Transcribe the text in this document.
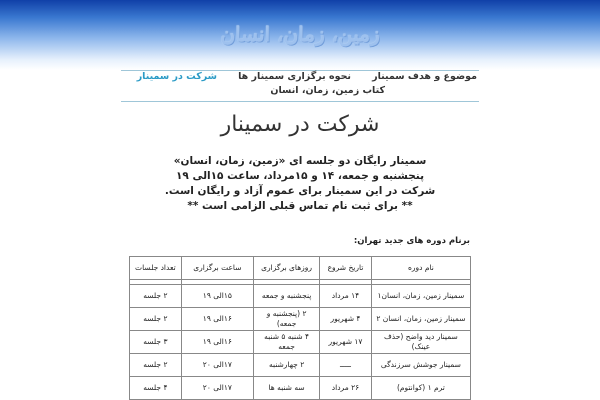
زمین، زمان، انسان
موضوع و هدف سمینار
نحوه برگزاری سمینار ها
شرکت در سمینار
کتاب زمین، زمان، انسان
شرکت در سمینار

سمینار رایگان دو جلسه ای «زمین، زمان، انسان»

پنجشنبه و جمعه، ۱۴ و ۱۵مرداد، ساعت ۱۵الی ۱۹

شرکت در این سمینار برای عموم آزاد و رایگان است.

** برای ثبت نام تماس قبلی الزامی است **

برنام‌ دوره های جدید تهران:
نام دوره	تاریخ شروع	روزهای برگزاری	ساعت برگزاری	تعداد جلسات

سمینار زمین، زمان، انسان۱	۱۴ مرداد	پنجشنبه و جمعه	۱۵الی ۱۹	۲ جلسه
سمینار زمین، زمان، انسان ۲	۴ شهریور	۲ (پنجشنبه و جمعه)	۱۶الی ۱۹	۲ جلسه
سمینار دید واضح (حذف عینک)	۱۷ شهریور	۴ شنبه ۵ شنبه جمعه	۱۶الی ۱۹	۳ جلسه
سمینار جوشش سرزندگی	ـــــ	۲ چهارشنبه	۱۷الی ۲۰	۲ جلسه
ترم ۱ (کوانتوم)	۲۶ مرداد	سه شنبه ها	۱۷الی ۲۰	۴ جلسه
